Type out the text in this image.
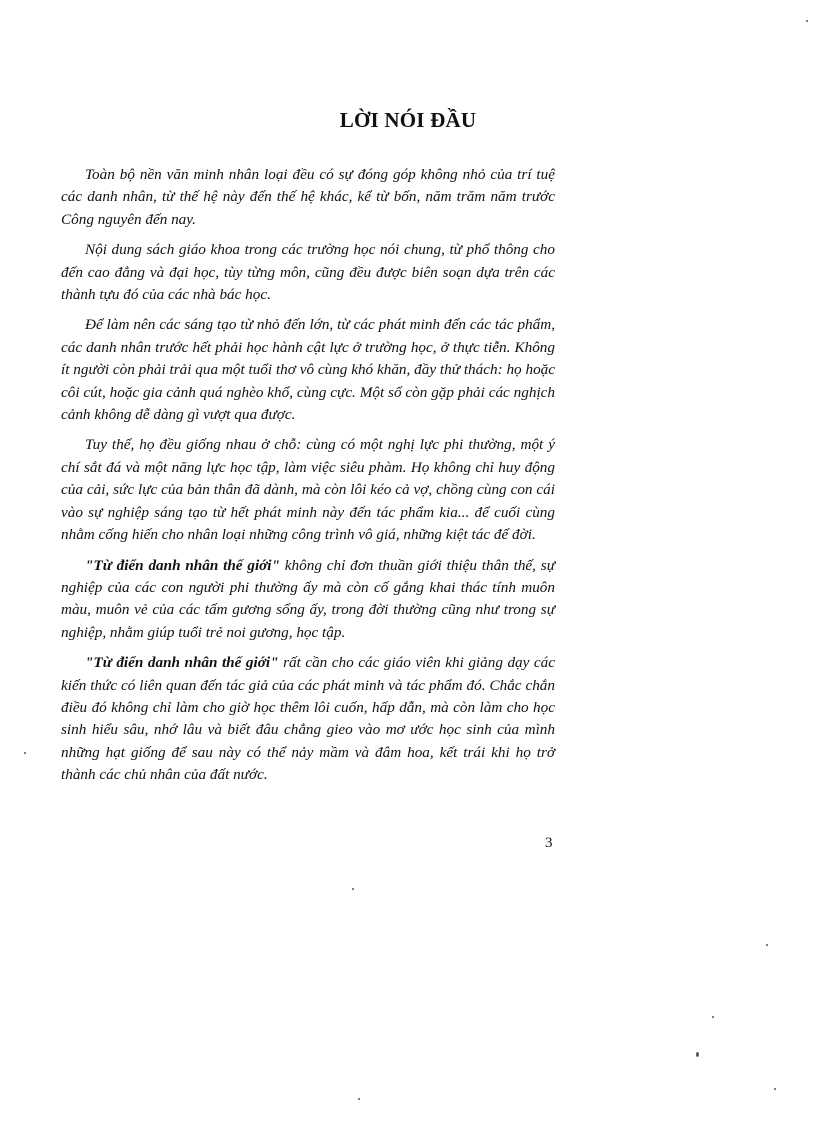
LỜI NÓI ĐẦU

Toàn bộ nền văn minh nhân loại đều có sự đóng góp không nhỏ của trí tuệ các danh nhân, từ thế hệ này đến thế hệ khác, kể từ bốn, năm trăm năm trước Công nguyên đến nay.

Nội dung sách giáo khoa trong các trường học nói chung, từ phổ thông cho đến cao đẳng và đại học, tùy từng môn, cũng đều được biên soạn dựa trên các thành tựu đó của các nhà bác học.

Để làm nên các sáng tạo từ nhỏ đến lớn, từ các phát minh đến các tác phẩm, các danh nhân trước hết phải học hành cật lực ở trường học, ở thực tiễn. Không ít người còn phải trải qua một tuổi thơ vô cùng khó khăn, đầy thử thách: họ hoặc côi cút, hoặc gia cảnh quá nghèo khổ, cùng cực. Một số còn gặp phải các nghịch cảnh không dễ dàng gì vượt qua được.

Tuy thế, họ đều giống nhau ở chỗ: cùng có một nghị lực phi thường, một ý chí sắt đá và một năng lực học tập, làm việc siêu phàm. Họ không chỉ huy động của cải, sức lực của bản thân đã dành, mà còn lôi kéo cả vợ, chồng cùng con cái vào sự nghiệp sáng tạo từ hết phát minh này đến tác phẩm kia... để cuối cùng nhằm cống hiến cho nhân loại những công trình vô giá, những kiệt tác để đời.

"Từ điển danh nhân thế giới" không chỉ đơn thuần giới thiệu thân thế, sự nghiệp của các con người phi thường ấy mà còn cố gắng khai thác tính muôn màu, muôn vẻ của các tấm gương sống ấy, trong đời thường cũng như trong sự nghiệp, nhằm giúp tuổi trẻ noi gương, học tập.

"Từ điển danh nhân thế giới" rất cần cho các giáo viên khi giảng dạy các kiến thức có liên quan đến tác giả của các phát minh và tác phẩm đó. Chắc chắn điều đó không chỉ làm cho giờ học thêm lôi cuốn, hấp dẫn, mà còn làm cho học sinh hiểu sâu, nhớ lâu và biết đâu chẳng gieo vào mơ ước học sinh của mình những hạt giống để sau này có thể nảy mầm và đâm hoa, kết trái khi họ trở thành các chủ nhân của đất nước.

3
